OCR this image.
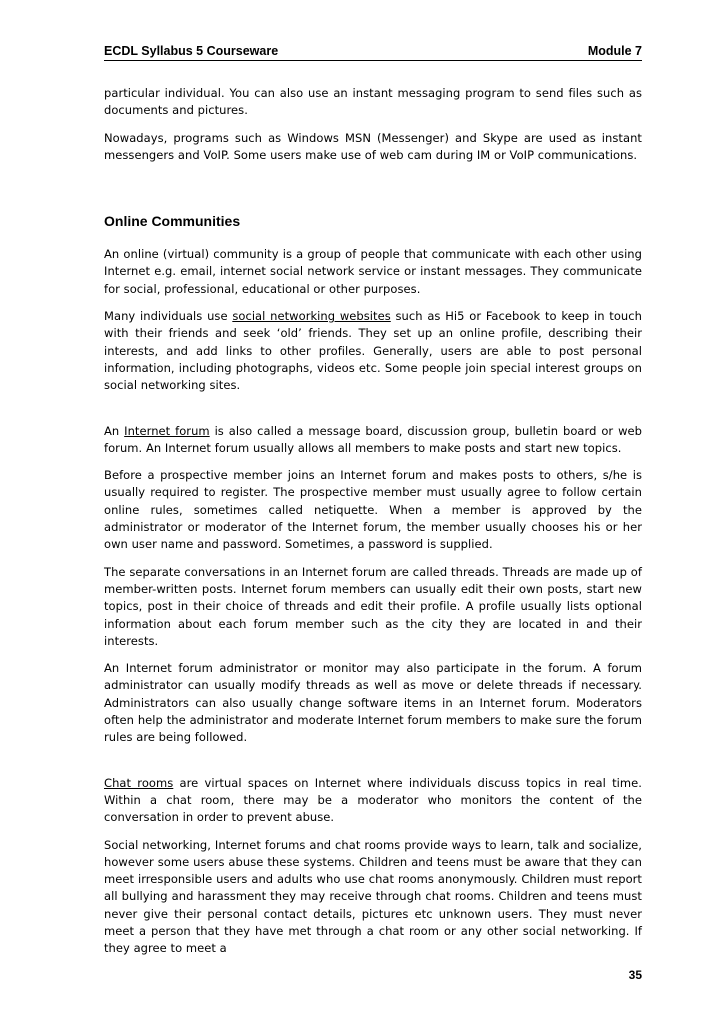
ECDL Syllabus 5 Courseware	Module 7

particular individual. You can also use an instant messaging program to send files such as documents and pictures.

Nowadays, programs such as Windows MSN (Messenger) and Skype are used as instant messengers and VoIP. Some users make use of web cam during IM or VoIP communications.

Online Communities

An online (virtual) community is a group of people that communicate with each other using Internet e.g. email, internet social network service or instant messages. They communicate for social, professional, educational or other purposes.

Many individuals use social networking websites such as Hi5 or Facebook to keep in touch with their friends and seek ‘old’ friends. They set up an online profile, describing their interests, and add links to other profiles. Generally, users are able to post personal information, including photographs, videos etc. Some people join special interest groups on social networking sites.

An Internet forum is also called a message board, discussion group, bulletin board or web forum. An Internet forum usually allows all members to make posts and start new topics.

Before a prospective member joins an Internet forum and makes posts to others, s/he is usually required to register. The prospective member must usually agree to follow certain online rules, sometimes called netiquette. When a member is approved by the administrator or moderator of the Internet forum, the member usually chooses his or her own user name and password. Sometimes, a password is supplied.

The separate conversations in an Internet forum are called threads. Threads are made up of member-written posts. Internet forum members can usually edit their own posts, start new topics, post in their choice of threads and edit their profile. A profile usually lists optional information about each forum member such as the city they are located in and their interests.

An Internet forum administrator or monitor may also participate in the forum. A forum administrator can usually modify threads as well as move or delete threads if necessary. Administrators can also usually change software items in an Internet forum. Moderators often help the administrator and moderate Internet forum members to make sure the forum rules are being followed.

Chat rooms are virtual spaces on Internet where individuals discuss topics in real time. Within a chat room, there may be a moderator who monitors the content of the conversation in order to prevent abuse.

Social networking, Internet forums and chat rooms provide ways to learn, talk and socialize, however some users abuse these systems. Children and teens must be aware that they can meet irresponsible users and adults who use chat rooms anonymously. Children must report all bullying and harassment they may receive through chat rooms. Children and teens must never give their personal contact details, pictures etc unknown users. They must never meet a person that they have met through a chat room or any other social networking. If they agree to meet a

35
